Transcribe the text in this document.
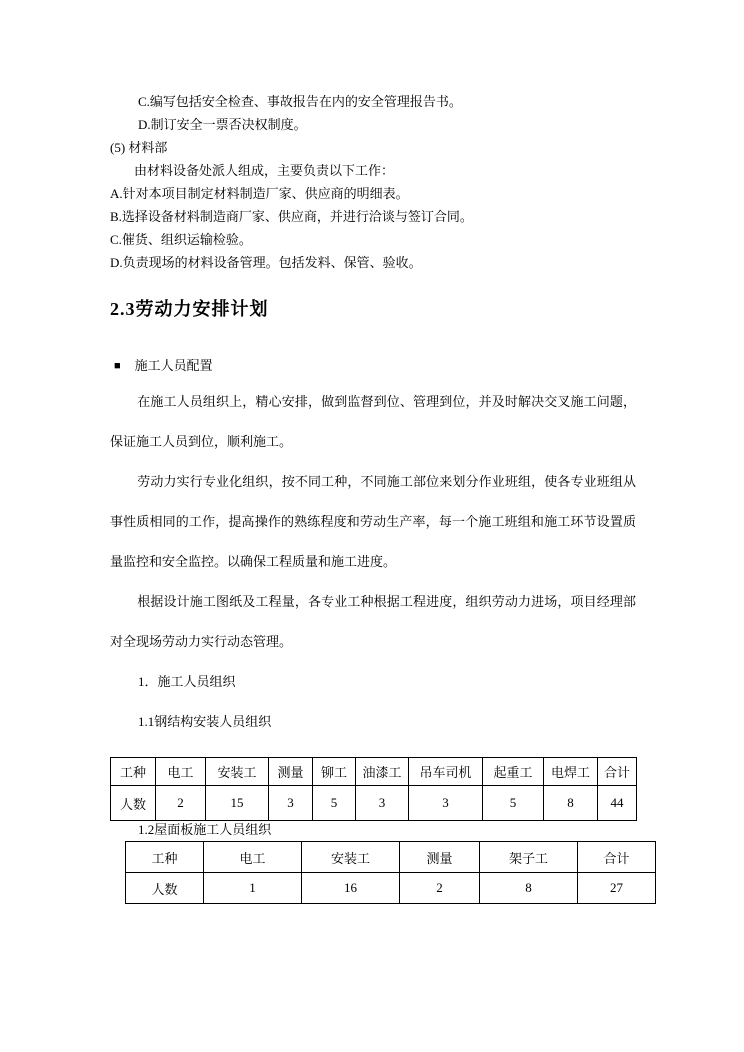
C.编写包括安全检查、事故报告在内的安全管理报告书。

D.制订安全一票否决权制度。

(5) 材料部

由材料设备处派人组成，主要负责以下工作：

A.针对本项目制定材料制造厂家、供应商的明细表。

B.选择设备材料制造商厂家、供应商，并进行洽谈与签订合同。

C.催货、组织运输检验。

D.负责现场的材料设备管理。包括发料、保管、验收。

2.3劳动力安排计划

■ 施工人员配置

在施工人员组织上，精心安排，做到监督到位、管理到位，并及时解决交叉施工问题，保证施工人员到位，顺利施工。

劳动力实行专业化组织，按不同工种，不同施工部位来划分作业班组，使各专业班组从事性质相同的工作，提高操作的熟练程度和劳动生产率，每一个施工班组和施工环节设置质量监控和安全监控。以确保工程质量和施工进度。

根据设计施工图纸及工程量，各专业工种根据工程进度，组织劳动力进场，项目经理部对全现场劳动力实行动态管理。

1．施工人员组织

1.1钢结构安装人员组织

工种	电工	安装工	测量	铆工	油漆工	吊车司机	起重工	电焊工	合计
人数	2	15	3	5	3	3	5	8	44

1.2屋面板施工人员组织

工种	电工	安装工	测量	架子工	合计
人数	1	16	2	8	27
